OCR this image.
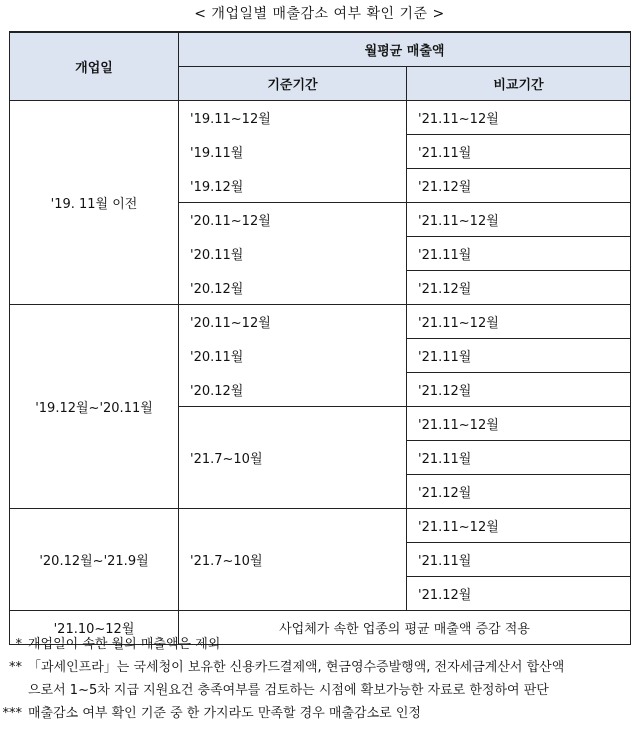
< 개업일별 매출감소 여부 확인 기준 >
개업일	월평균 매출액	
	기준기간	비교기간
'19. 11월 이전	'19.11~12월	'21.11~12월
	'19.11월	'21.11월
	'19.12월	'21.12월
	'20.11~12월	'21.11~12월
	'20.11월	'21.11월
	'20.12월	'21.12월
'19.12월~'20.11월	'20.11~12월	'21.11~12월
	'20.11월	'21.11월
	'20.12월	'21.12월
	'21.7~10월	'21.11~12월
		'21.11월
		'21.12월
'20.12월~'21.9월	'21.7~10월	'21.11~12월
		'21.11월
		'21.12월
'21.10~12월	사업체가 속한 업종의 평균 매출액 증감 적용	
* 개업일이 속한 월의 매출액은 제외
** 「과세인프라」는 국세청이 보유한 신용카드결제액, 현금영수증발행액, 전자세금계산서 합산액
으로서 1~5차 지급 지원요건 충족여부를 검토하는 시점에 확보가능한 자료로 한정하여 판단
*** 매출감소 여부 확인 기준 중 한 가지라도 만족할 경우 매출감소로 인정
